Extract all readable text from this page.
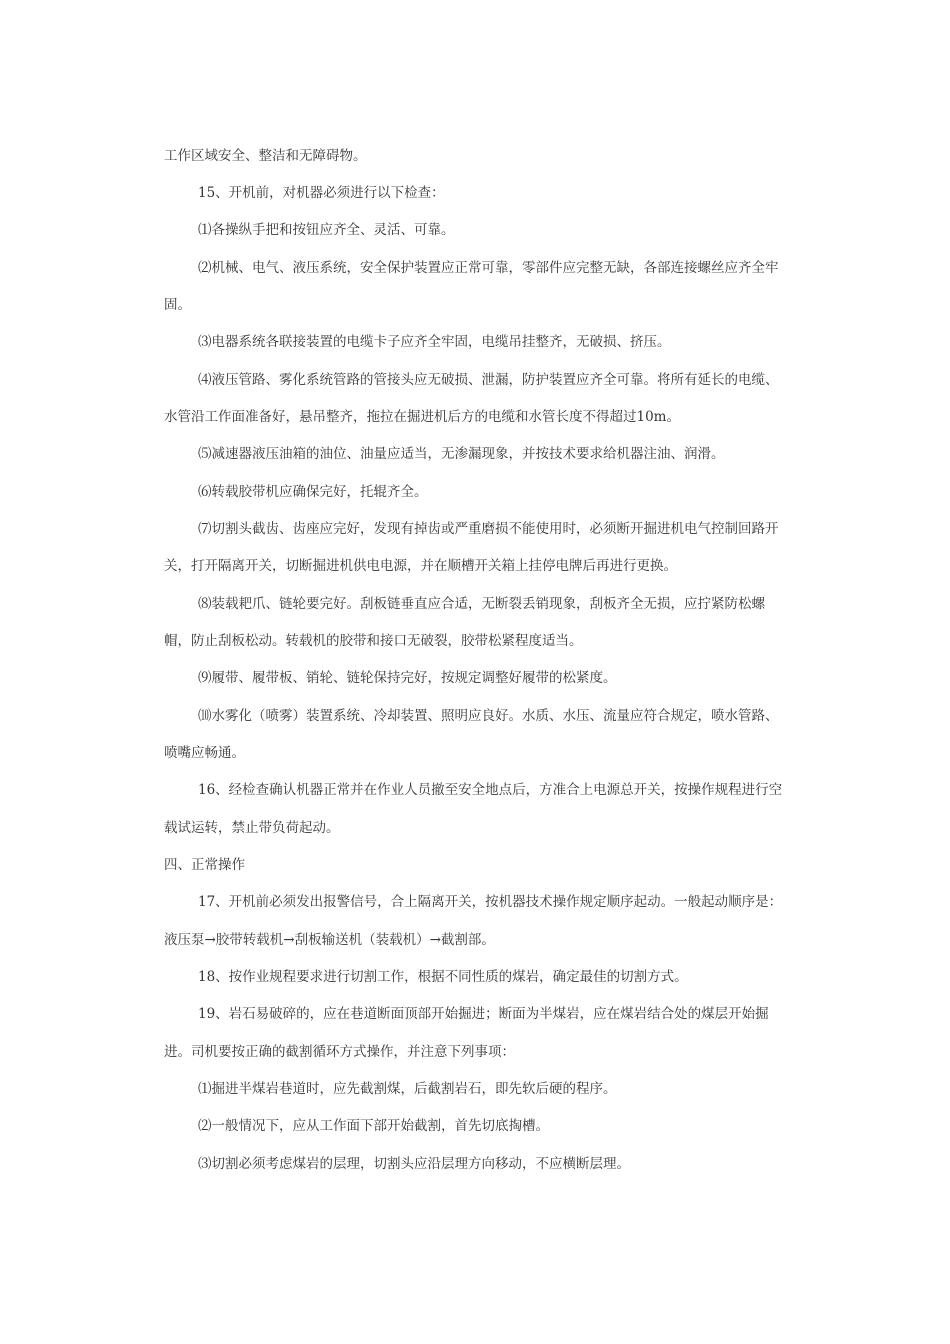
工作区域安全、整洁和无障碍物。
15、开机前，对机器必须进行以下检查：
⑴各操纵手把和按钮应齐全、灵活、可靠。
⑵机械、电气、液压系统，安全保护装置应正常可靠，零部件应完整无缺，各部连接螺丝应齐全牢
固。
⑶电器系统各联接装置的电缆卡子应齐全牢固，电缆吊挂整齐，无破损、挤压。
⑷液压管路、雾化系统管路的管接头应无破损、泄漏，防护装置应齐全可靠。将所有延长的电缆、
水管沿工作面准备好，悬吊整齐，拖拉在掘进机后方的电缆和水管长度不得超过10m。
⑸减速器液压油箱的油位、油量应适当，无渗漏现象，并按技术要求给机器注油、润滑。
⑹转载胶带机应确保完好，托辊齐全。
⑺切割头截齿、齿座应完好，发现有掉齿或严重磨损不能使用时，必须断开掘进机电气控制回路开
关，打开隔离开关，切断掘进机供电电源，并在顺槽开关箱上挂停电牌后再进行更换。
⑻装载耙爪、链轮要完好。刮板链垂直应合适，无断裂丢销现象，刮板齐全无损，应拧紧防松螺
帽，防止刮板松动。转载机的胶带和接口无破裂，胶带松紧程度适当。
⑼履带、履带板、销轮、链轮保持完好，按规定调整好履带的松紧度。
⑽水雾化（喷雾）装置系统、冷却装置、照明应良好。水质、水压、流量应符合规定，喷水管路、
喷嘴应畅通。
16、经检查确认机器正常并在作业人员撤至安全地点后，方准合上电源总开关，按操作规程进行空
载试运转，禁止带负荷起动。
四、正常操作
17、开机前必须发出报警信号，合上隔离开关，按机器技术操作规定顺序起动。一般起动顺序是：
液压泵→胶带转载机→刮板输送机（装载机）→截割部。
18、按作业规程要求进行切割工作，根据不同性质的煤岩，确定最佳的切割方式。
19、岩石易破碎的，应在巷道断面顶部开始掘进；断面为半煤岩，应在煤岩结合处的煤层开始掘
进。司机要按正确的截割循环方式操作，并注意下列事项：
⑴掘进半煤岩巷道时，应先截割煤，后截割岩石，即先软后硬的程序。
⑵一般情况下，应从工作面下部开始截割，首先切底掏槽。
⑶切割必须考虑煤岩的层理，切割头应沿层理方向移动，不应横断层理。
